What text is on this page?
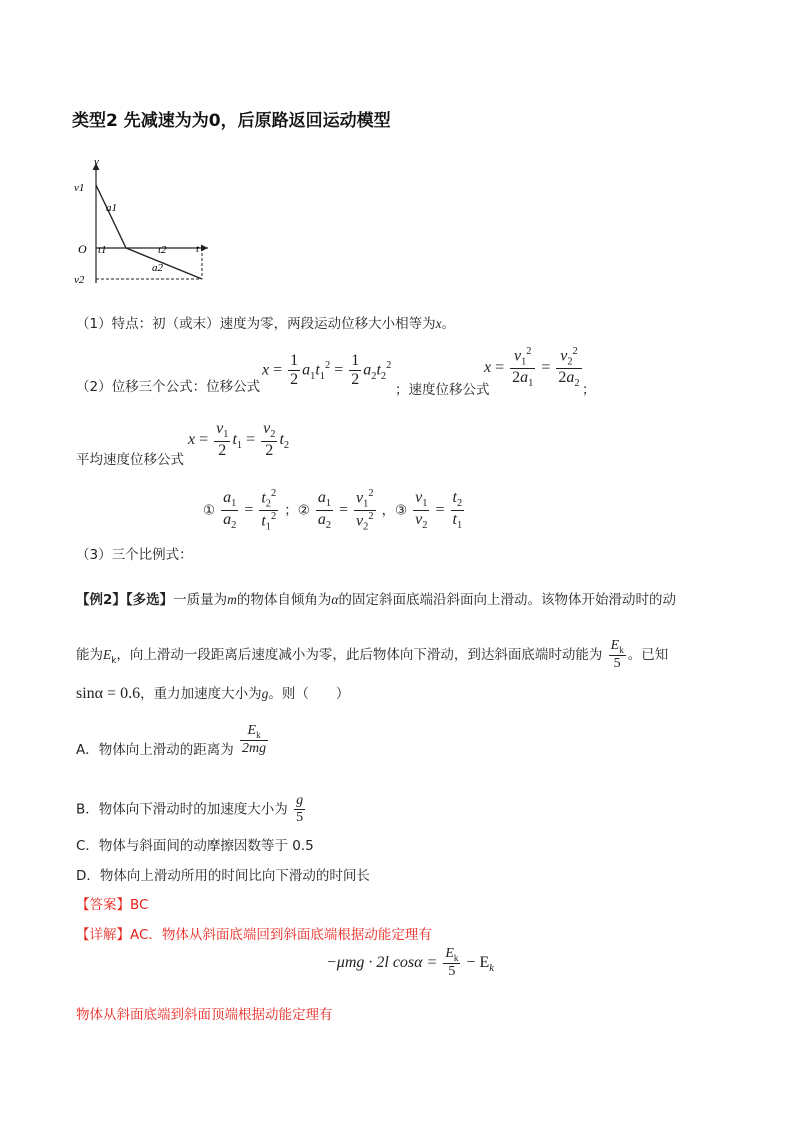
类型2 先减速为为0，后原路返回运动模型
v
v1
a1
O t1	t2	t
a2
v2
（1）特点：初（或末）速度为零，两段运动位移大小相等为x。
（2）位移三个公式：位移公式
$x = \frac{1}{2} a_1t_1^2 = \frac{1}{2} a_2t_2^2$
；速度位移公式
$x = \frac{v_1^2}{2a_1} = \frac{v_2^2}{2a_2}$ ；
平均速度位移公式
$x = \frac{v_1}{2} t_1 = \frac{v_2}{2} t_2$
① $\frac{a_1}{a_2} = \frac{t_2^2}{t_1^2}$ ；② $\frac{a_1}{a_2} = \frac{v_1^2}{v_2^2}$ ，③ $\frac{v_1}{v_2} = \frac{t_2}{t_1}$
（3）三个比例式：
【例2】【多选】一质量为m的物体自倾角为α的固定斜面底端沿斜面向上滑动。该物体开始滑动时的动
能为$E_k$，向上滑动一段距离后速度减小为零，此后物体向下滑动，到达斜面底端时动能为 $\frac{E_k}{5}$ 。已知
sinα = 0.6，重力加速度大小为g。则（　　）
A．物体向上滑动的距离为 $\frac{E_k}{2mg}$
B．物体向下滑动时的加速度大小为 $\frac{g}{5}$
C．物体与斜面间的动摩擦因数等于 0.5
D．物体向上滑动所用的时间比向下滑动的时间长
【答案】BC
【详解】AC．物体从斜面底端回到斜面底端根据动能定理有
−μmg · 2l $\cos\alpha = \frac{E_k}{5} - E_k$
物体从斜面底端到斜面顶端根据动能定理有
